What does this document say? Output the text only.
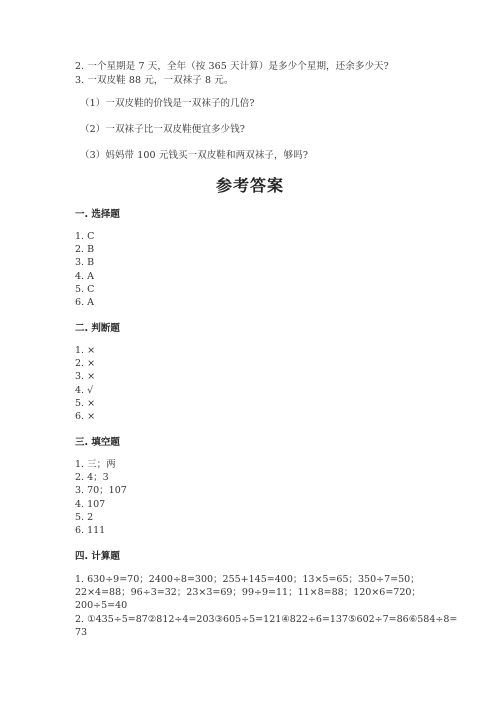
2. 一个星期是 7 天，全年（按 365 天计算）是多少个星期，还余多少天?
3. 一双皮鞋 88 元，一双袜子 8 元。
（1）一双皮鞋的价钱是一双袜子的几倍?
（2）一双袜子比一双皮鞋便宜多少钱?
（3）妈妈带 100 元钱买一双皮鞋和两双袜子，够吗?
参考答案
一. 选择题
1. C
2. B
3. B
4. A
5. C
6. A
二. 判断题
1. ×
2. ×
3. ×
4. √
5. ×
6. ×
三. 填空题
1. 三；两
2. 4；3
3. 70；107
4. 107
5. 2
6. 111
四. 计算题
1. 630÷9=70；2400÷8=300；255+145=400；13×5=65；350÷7=50；
22×4=88；96÷3=32；23×3=69；99÷9=11；11×8=88；120×6=720；
200÷5=40
2. ①435÷5=87②812÷4=203③605÷5=121④822÷6=137⑤602÷7=86⑥584÷8=
73
